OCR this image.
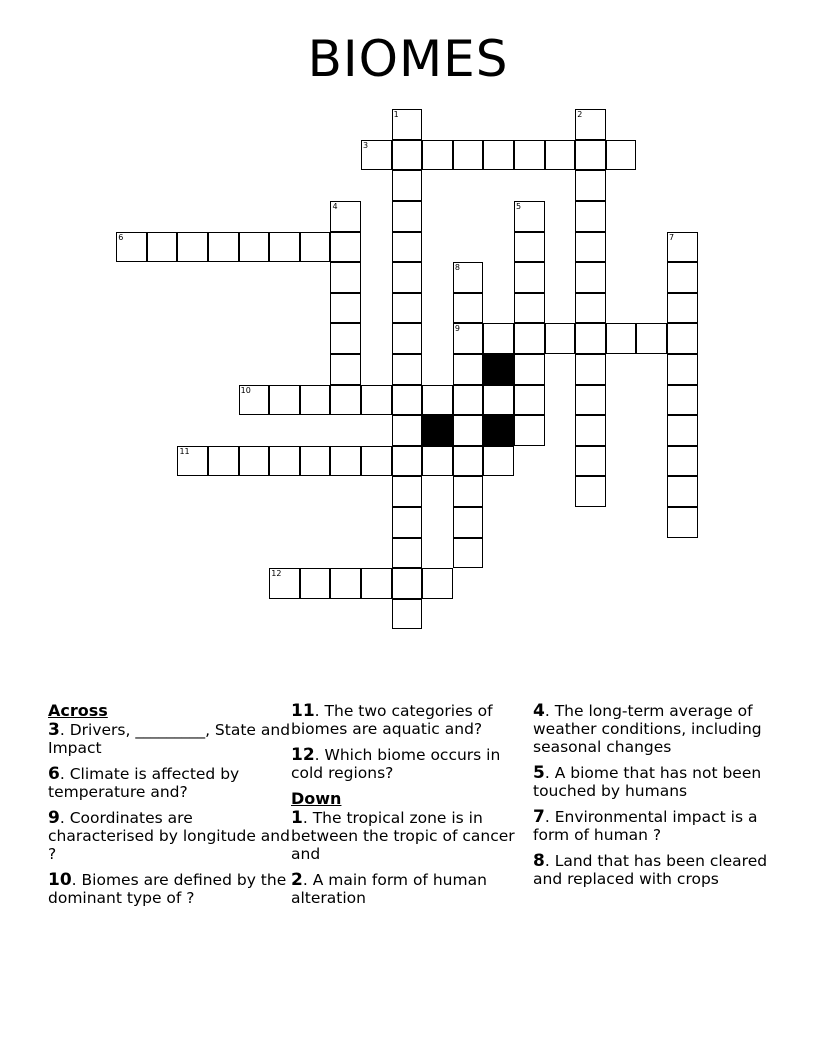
BIOMES
1	2
3
4	5
6	7
8
9
10
11
12
Across
3. Drivers, _________, State and Impact
6. Climate is affected by temperature and?
9. Coordinates are characterised by longitude and ?
10. Biomes are defined by the dominant type of ?
11. The two categories of biomes are aquatic and?
12. Which biome occurs in cold regions?
Down
1. The tropical zone is in between the tropic of cancer and
2. A main form of human alteration
4. The long-term average of weather conditions, including seasonal changes
5. A biome that has not been touched by humans
7. Environmental impact is a form of human ?
8. Land that has been cleared and replaced with crops
